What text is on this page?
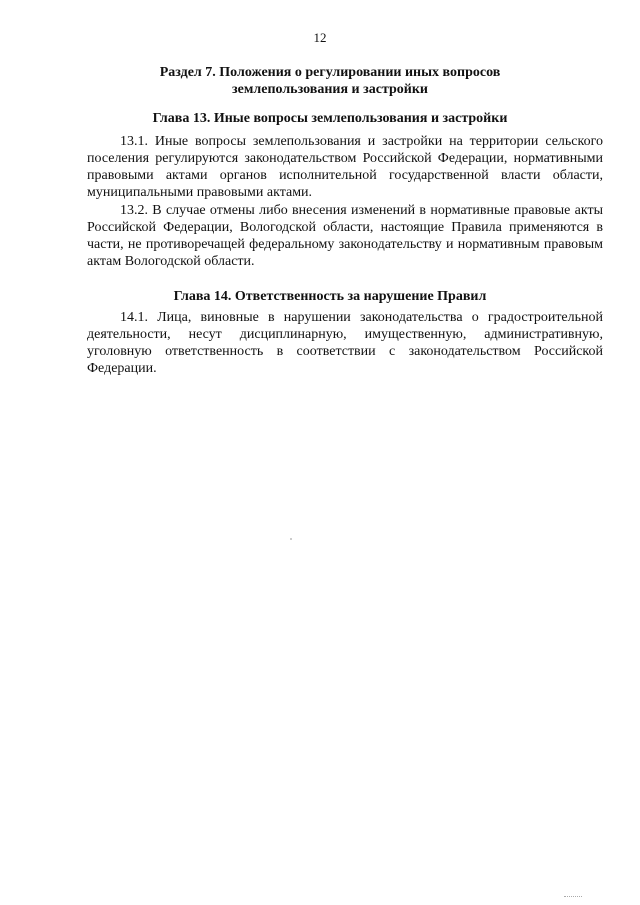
12
Раздел 7. Положения о регулировании иных вопросов
землепользования и застройки
Глава 13. Иные вопросы землепользования и застройки

13.1. Иные вопросы землепользования и застройки на территории сельского поселения регулируются законодательством Российской Федерации, нормативными правовыми актами органов исполнительной государственной власти области, муниципальными правовыми актами.

13.2. В случае отмены либо внесения изменений в нормативные правовые акты Российской Федерации, Вологодской области, настоящие Правила применяются в части, не противоречащей федеральному законодательству и нормативным правовым актам Вологодской области.

Глава 14. Ответственность за нарушение Правил

14.1. Лица, виновные в нарушении законодательства о градостроительной деятельности, несут дисциплинарную, имущественную, административную, уголовную ответственность в соответствии с законодательством Российской Федерации.
